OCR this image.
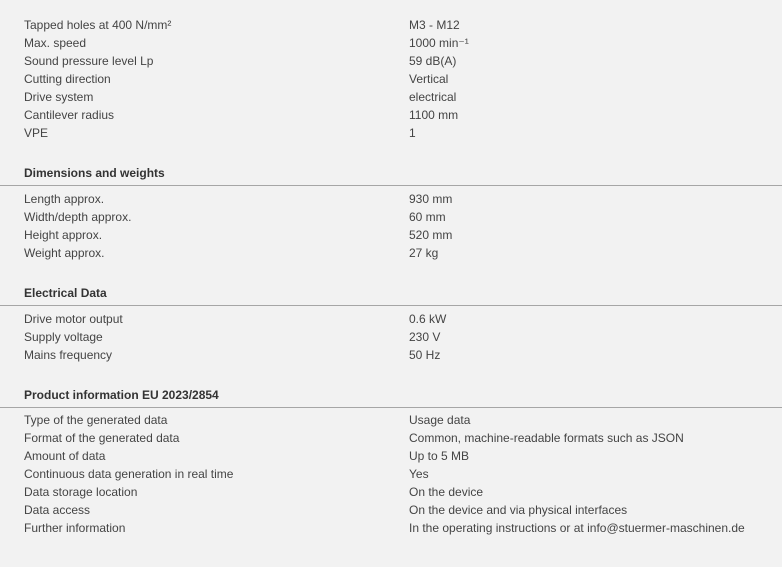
Tapped holes at 400 N/mm²	M3 - M12
Max. speed	1000 min⁻¹
Sound pressure level Lp	59 dB(A)
Cutting direction	Vertical
Drive system	electrical
Cantilever radius	1100 mm
VPE	1
Dimensions and weights
Length approx.	930 mm
Width/depth approx.	60 mm
Height approx.	520 mm
Weight approx.	27 kg
Electrical Data
Drive motor output	0.6 kW
Supply voltage	230 V
Mains frequency	50 Hz
Product information EU 2023/2854
Type of the generated data	Usage data
Format of the generated data	Common, machine-readable formats such as JSON
Amount of data	Up to 5 MB
Continuous data generation in real time	Yes
Data storage location	On the device
Data access	On the device and via physical interfaces
Further information	In the operating instructions or at info@stuermer-maschinen.de
